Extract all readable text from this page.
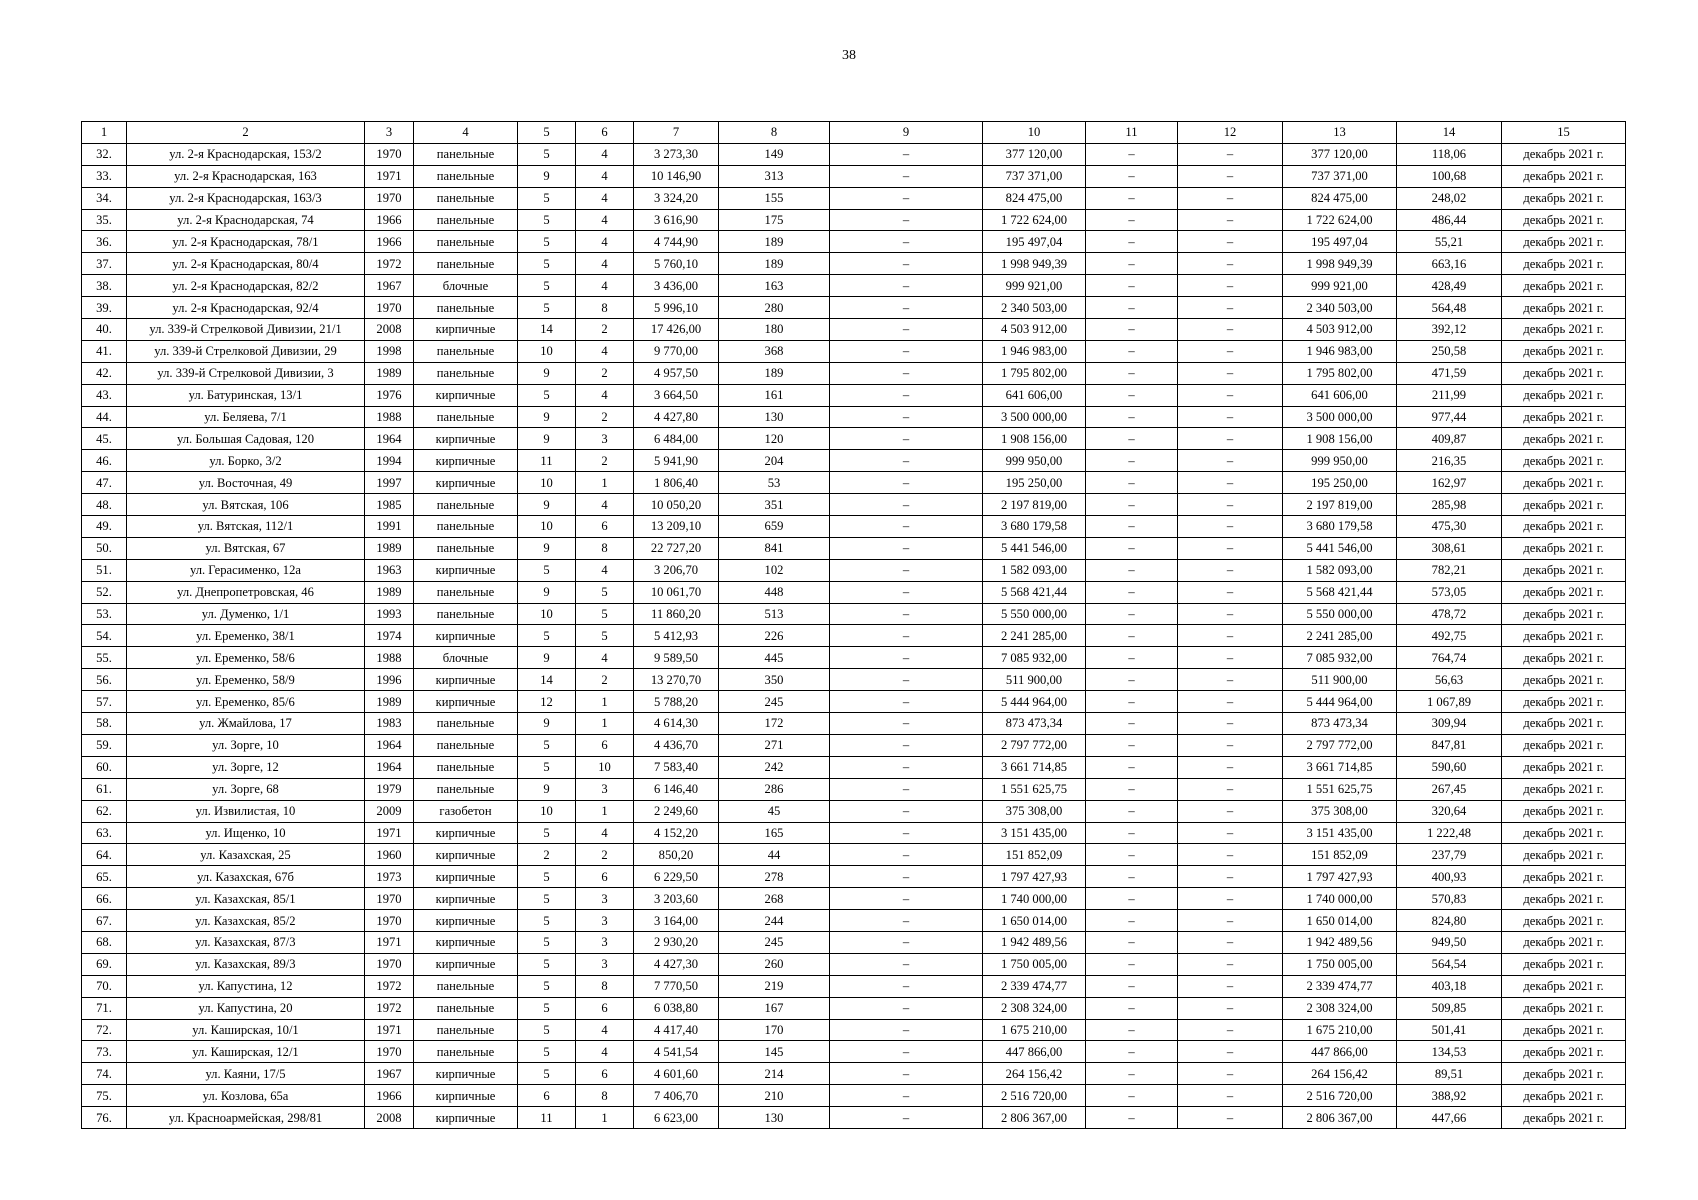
38
1	2	3	4	5	6	7	8	9	10	11	12	13	14	15
32.	ул. 2-я Краснодарская, 153/2	1970	панельные	5	4	3 273,30	149	–	377 120,00	–	–	377 120,00	118,06	декабрь 2021 г.
33.	ул. 2-я Краснодарская, 163	1971	панельные	9	4	10 146,90	313	–	737 371,00	–	–	737 371,00	100,68	декабрь 2021 г.
34.	ул. 2-я Краснодарская, 163/3	1970	панельные	5	4	3 324,20	155	–	824 475,00	–	–	824 475,00	248,02	декабрь 2021 г.
35.	ул. 2-я Краснодарская, 74	1966	панельные	5	4	3 616,90	175	–	1 722 624,00	–	–	1 722 624,00	486,44	декабрь 2021 г.
36.	ул. 2-я Краснодарская, 78/1	1966	панельные	5	4	4 744,90	189	–	195 497,04	–	–	195 497,04	55,21	декабрь 2021 г.
37.	ул. 2-я Краснодарская, 80/4	1972	панельные	5	4	5 760,10	189	–	1 998 949,39	–	–	1 998 949,39	663,16	декабрь 2021 г.
38.	ул. 2-я Краснодарская, 82/2	1967	блочные	5	4	3 436,00	163	–	999 921,00	–	–	999 921,00	428,49	декабрь 2021 г.
39.	ул. 2-я Краснодарская, 92/4	1970	панельные	5	8	5 996,10	280	–	2 340 503,00	–	–	2 340 503,00	564,48	декабрь 2021 г.
40.	ул. 339-й Стрелковой Дивизии, 21/1	2008	кирпичные	14	2	17 426,00	180	–	4 503 912,00	–	–	4 503 912,00	392,12	декабрь 2021 г.
41.	ул. 339-й Стрелковой Дивизии, 29	1998	панельные	10	4	9 770,00	368	–	1 946 983,00	–	–	1 946 983,00	250,58	декабрь 2021 г.
42.	ул. 339-й Стрелковой Дивизии, 3	1989	панельные	9	2	4 957,50	189	–	1 795 802,00	–	–	1 795 802,00	471,59	декабрь 2021 г.
43.	ул. Батуринская, 13/1	1976	кирпичные	5	4	3 664,50	161	–	641 606,00	–	–	641 606,00	211,99	декабрь 2021 г.
44.	ул. Беляева, 7/1	1988	панельные	9	2	4 427,80	130	–	3 500 000,00	–	–	3 500 000,00	977,44	декабрь 2021 г.
45.	ул. Большая Садовая, 120	1964	кирпичные	9	3	6 484,00	120	–	1 908 156,00	–	–	1 908 156,00	409,87	декабрь 2021 г.
46.	ул. Борко, 3/2	1994	кирпичные	11	2	5 941,90	204	–	999 950,00	–	–	999 950,00	216,35	декабрь 2021 г.
47.	ул. Восточная, 49	1997	кирпичные	10	1	1 806,40	53	–	195 250,00	–	–	195 250,00	162,97	декабрь 2021 г.
48.	ул. Вятская, 106	1985	панельные	9	4	10 050,20	351	–	2 197 819,00	–	–	2 197 819,00	285,98	декабрь 2021 г.
49.	ул. Вятская, 112/1	1991	панельные	10	6	13 209,10	659	–	3 680 179,58	–	–	3 680 179,58	475,30	декабрь 2021 г.
50.	ул. Вятская, 67	1989	панельные	9	8	22 727,20	841	–	5 441 546,00	–	–	5 441 546,00	308,61	декабрь 2021 г.
51.	ул. Герасименко, 12а	1963	кирпичные	5	4	3 206,70	102	–	1 582 093,00	–	–	1 582 093,00	782,21	декабрь 2021 г.
52.	ул. Днепропетровская, 46	1989	панельные	9	5	10 061,70	448	–	5 568 421,44	–	–	5 568 421,44	573,05	декабрь 2021 г.
53.	ул. Думенко, 1/1	1993	панельные	10	5	11 860,20	513	–	5 550 000,00	–	–	5 550 000,00	478,72	декабрь 2021 г.
54.	ул. Еременко, 38/1	1974	кирпичные	5	5	5 412,93	226	–	2 241 285,00	–	–	2 241 285,00	492,75	декабрь 2021 г.
55.	ул. Еременко, 58/6	1988	блочные	9	4	9 589,50	445	–	7 085 932,00	–	–	7 085 932,00	764,74	декабрь 2021 г.
56.	ул. Еременко, 58/9	1996	кирпичные	14	2	13 270,70	350	–	511 900,00	–	–	511 900,00	56,63	декабрь 2021 г.
57.	ул. Еременко, 85/6	1989	кирпичные	12	1	5 788,20	245	–	5 444 964,00	–	–	5 444 964,00	1 067,89	декабрь 2021 г.
58.	ул. Жмайлова, 17	1983	панельные	9	1	4 614,30	172	–	873 473,34	–	–	873 473,34	309,94	декабрь 2021 г.
59.	ул. Зорге, 10	1964	панельные	5	6	4 436,70	271	–	2 797 772,00	–	–	2 797 772,00	847,81	декабрь 2021 г.
60.	ул. Зорге, 12	1964	панельные	5	10	7 583,40	242	–	3 661 714,85	–	–	3 661 714,85	590,60	декабрь 2021 г.
61.	ул. Зорге, 68	1979	панельные	9	3	6 146,40	286	–	1 551 625,75	–	–	1 551 625,75	267,45	декабрь 2021 г.
62.	ул. Извилистая, 10	2009	газобетон	10	1	2 249,60	45	–	375 308,00	–	–	375 308,00	320,64	декабрь 2021 г.
63.	ул. Ищенко, 10	1971	кирпичные	5	4	4 152,20	165	–	3 151 435,00	–	–	3 151 435,00	1 222,48	декабрь 2021 г.
64.	ул. Казахская, 25	1960	кирпичные	2	2	850,20	44	–	151 852,09	–	–	151 852,09	237,79	декабрь 2021 г.
65.	ул. Казахская, 67б	1973	кирпичные	5	6	6 229,50	278	–	1 797 427,93	–	–	1 797 427,93	400,93	декабрь 2021 г.
66.	ул. Казахская, 85/1	1970	кирпичные	5	3	3 203,60	268	–	1 740 000,00	–	–	1 740 000,00	570,83	декабрь 2021 г.
67.	ул. Казахская, 85/2	1970	кирпичные	5	3	3 164,00	244	–	1 650 014,00	–	–	1 650 014,00	824,80	декабрь 2021 г.
68.	ул. Казахская, 87/3	1971	кирпичные	5	3	2 930,20	245	–	1 942 489,56	–	–	1 942 489,56	949,50	декабрь 2021 г.
69.	ул. Казахская, 89/3	1970	кирпичные	5	3	4 427,30	260	–	1 750 005,00	–	–	1 750 005,00	564,54	декабрь 2021 г.
70.	ул. Капустина, 12	1972	панельные	5	8	7 770,50	219	–	2 339 474,77	–	–	2 339 474,77	403,18	декабрь 2021 г.
71.	ул. Капустина, 20	1972	панельные	5	6	6 038,80	167	–	2 308 324,00	–	–	2 308 324,00	509,85	декабрь 2021 г.
72.	ул. Каширская, 10/1	1971	панельные	5	4	4 417,40	170	–	1 675 210,00	–	–	1 675 210,00	501,41	декабрь 2021 г.
73.	ул. Каширская, 12/1	1970	панельные	5	4	4 541,54	145	–	447 866,00	–	–	447 866,00	134,53	декабрь 2021 г.
74.	ул. Каяни, 17/5	1967	кирпичные	5	6	4 601,60	214	–	264 156,42	–	–	264 156,42	89,51	декабрь 2021 г.
75.	ул. Козлова, 65а	1966	кирпичные	6	8	7 406,70	210	–	2 516 720,00	–	–	2 516 720,00	388,92	декабрь 2021 г.
76.	ул. Красноармейская, 298/81	2008	кирпичные	11	1	6 623,00	130	–	2 806 367,00	–	–	2 806 367,00	447,66	декабрь 2021 г.
